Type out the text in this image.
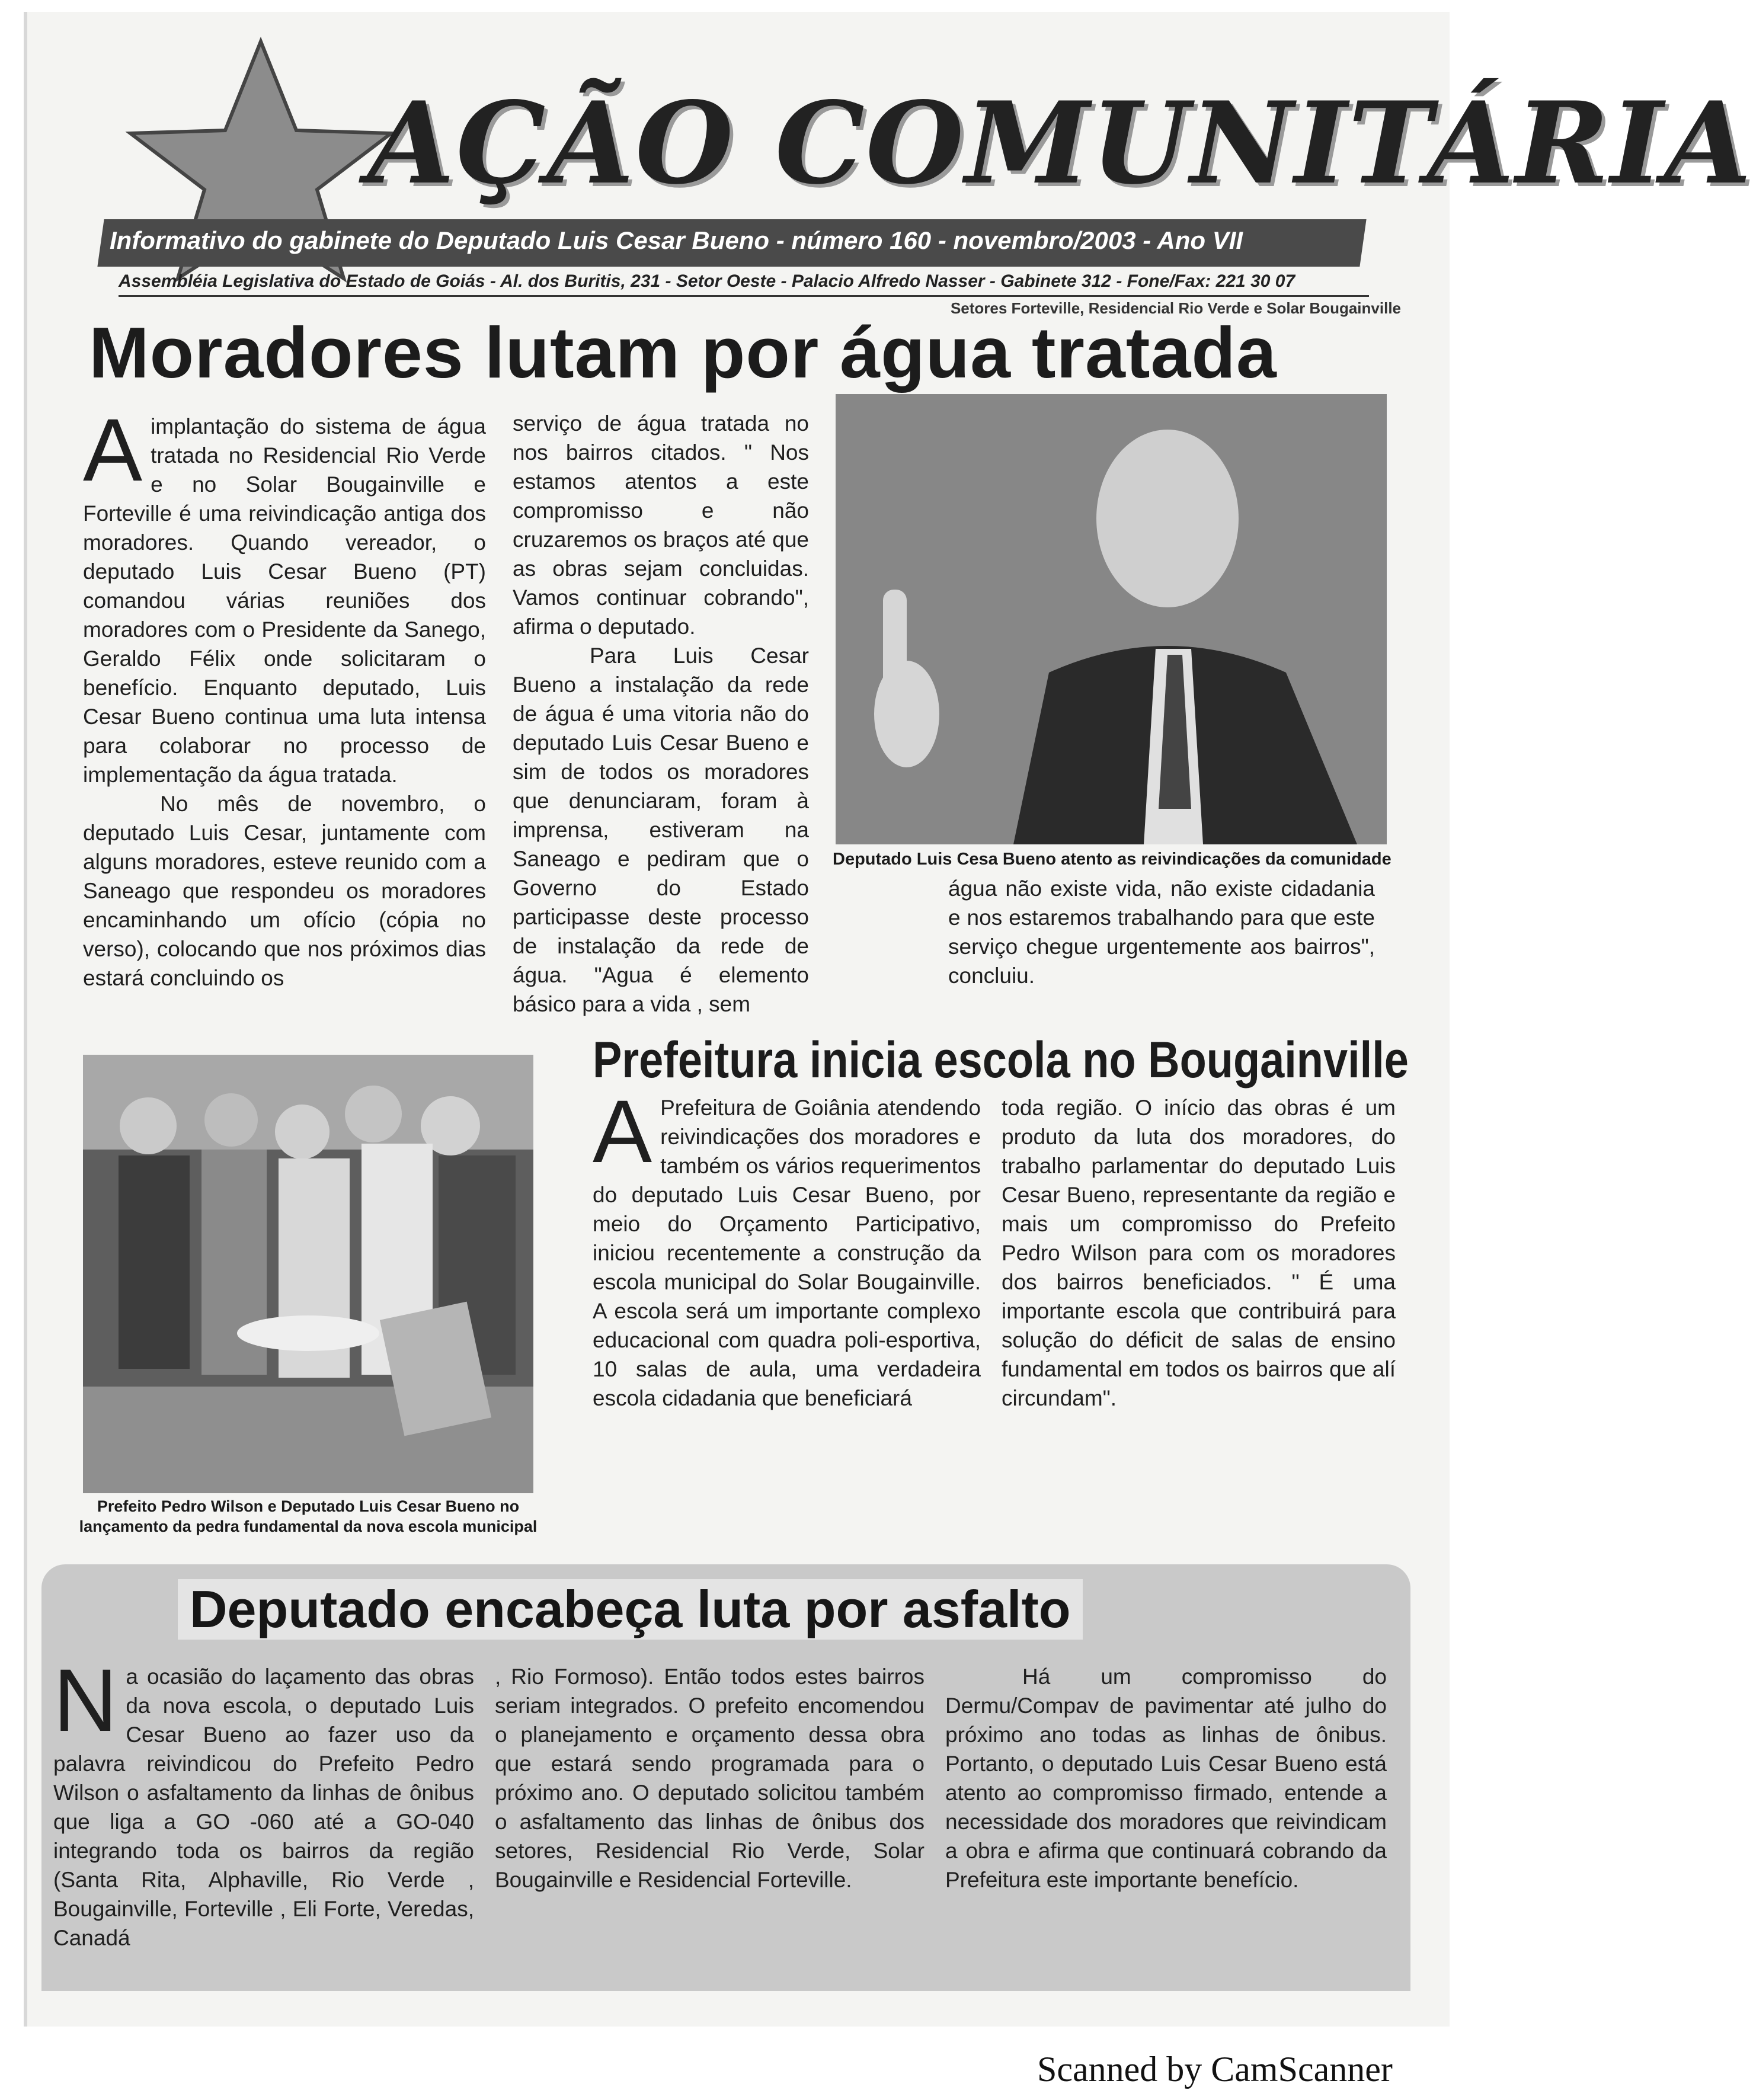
AÇÃO COMUNITÁRIA
Informativo do gabinete do Deputado Luis Cesar Bueno - número 160 - novembro/2003 - Ano VII
Assembléia Legislativa do Estado de Goiás - Al. dos Buritis, 231 - Setor Oeste - Palacio Alfredo Nasser - Gabinete 312 - Fone/Fax: 221 30 07
Setores Forteville, Residencial Rio Verde e Solar Bougainville
Moradores lutam por água tratada

Aimplantação do sistema de água tratada no Residencial Rio Verde e no Solar Bougainville e Forteville é uma reivindicação antiga dos moradores. Quando vereador, o deputado Luis Cesar Bueno (PT) comandou várias reuniões dos moradores com o Presidente da Sanego, Geraldo Félix onde solicitaram o benefício. Enquanto deputado, Luis Cesar Bueno continua uma luta intensa para colaborar no processo de implementação da água tratada.

No mês de novembro, o deputado Luis Cesar, juntamente com alguns moradores, esteve reunido com a Saneago que respondeu os moradores encaminhando um ofício (cópia no verso), colocando que nos próximos dias estará concluindo os

serviço de água tratada no nos bairros citados. " Nos estamos atentos a este compromisso e não cruzaremos os braços até que as obras sejam concluidas. Vamos continuar cobrando", afirma o deputado.

Para Luis Cesar Bueno a instalação da rede de água é uma vitoria não do deputado Luis Cesar Bueno e sim de todos os moradores que denunciaram, foram à imprensa, estiveram na Saneago e pediram que o Governo do Estado participasse deste processo de instalação da rede de água. "Agua é elemento básico para a vida , sem

Deputado Luis Cesa Bueno atento as reivindicações da comunidade

água não existe vida, não existe cidadania e nos estaremos trabalhando para que este serviço chegue urgentemente aos bairros", concluiu.

Prefeitura inicia escola no Bougainville
Prefeito Pedro Wilson e Deputado Luis Cesar Bueno no lançamento da pedra fundamental da nova escola municipal

A Prefeitura de Goiânia atendendo reivindicações dos moradores e também os vários requerimentos do deputado Luis Cesar Bueno, por meio do Orçamento Participativo, iniciou recentemente a construção da escola municipal do Solar Bougainville. A escola será um importante complexo educacional com quadra poli-esportiva, 10 salas de aula, uma verdadeira escola cidadania que beneficiará

toda região. O início das obras é um produto da luta dos moradores, do trabalho parlamentar do deputado Luis Cesar Bueno, representante da região e mais um compromisso do Prefeito Pedro Wilson para com os moradores dos bairros beneficiados. " É uma importante escola que contribuirá para solução do déficit de salas de ensino fundamental em todos os bairros que alí circundam".

Deputado encabeça luta por asfalto

Na ocasião do laçamento das obras da nova escola, o deputado Luis Cesar Bueno ao fazer uso da palavra reivindicou do Prefeito Pedro Wilson o asfaltamento da linhas de ônibus que liga a GO -060 até a GO-040 integrando toda os bairros da região (Santa Rita, Alphaville, Rio Verde , Bougainville, Forteville , Eli Forte, Veredas, Canadá

, Rio Formoso). Então todos estes bairros seriam integrados. O prefeito encomendou o planejamento e orçamento dessa obra que estará sendo programada para o próximo ano. O deputado solicitou também o asfaltamento das linhas de ônibus dos setores, Residencial Rio Verde, Solar Bougainville e Residencial Forteville.

Há um compromisso do Dermu/Compav de pavimentar até julho do próximo ano todas as linhas de ônibus. Portanto, o deputado Luis Cesar Bueno está atento ao compromisso firmado, entende a necessidade dos moradores que reivindicam a obra e afirma que continuará cobrando da Prefeitura este importante benefício.

Scanned by CamScanner
